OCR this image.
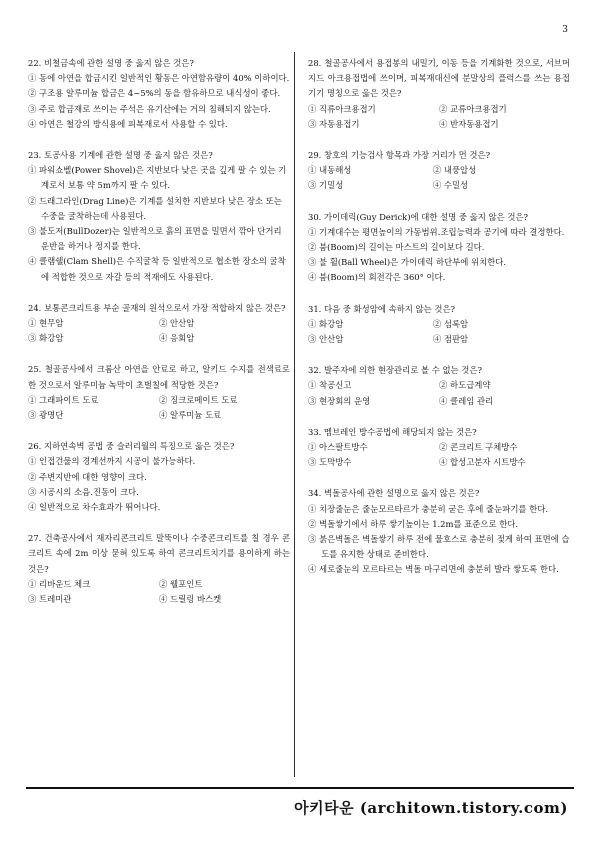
3
22. 비철금속에 관한 설명 중 옳지 않은 것은?
① 동에 아연을 합금시킨 일반적인 황동은 아연함유량이 40% 이하이다.
② 구조용 알루미늄 합금은 4~5%의 동을 함유하므로 내식성이 좋다.
③ 주로 합금재로 쓰이는 주석은 유기산에는 거의 침해되지 않는다.
④ 아연은 철강의 방식용에 피복재로서 사용할 수 있다.
23. 토공사용 기계에 관한 설명 중 옳지 않은 것은?
① 파워쇼벨(Power Shovel)은 지반보다 낮은 곳을 깊게 팔 수 있는 기계로서 보통 약 5m까지 팔 수 있다.
② 드래그라인(Drag Line)은 기계를 설치한 지반보다 낮은 장소 또는 수중을 굴착하는데 사용된다.
③ 불도저(BullDozer)는 일반적으로 흙의 표면을 밀면서 깎아 단거리 운반을 하거나 정지를 한다.
④ 클램쉘(Clam Shell)은 수직굴착 등 일반적으로 협소한 장소의 굴착에 적합한 것으로 자갈 등의 적재에도 사용된다.
24. 보통콘크리트용 부순 골재의 원석으로서 가장 적합하지 않은 것은?
① 현무암	② 안산암
③ 화강암	④ 응회암
25. 철골공사에서 크롬산 아연을 안료로 하고, 알키드 수지를 전색료로 한 것으로서 알루미늄 녹막이 초벌칠에 적당한 것은?
① 그래파이트 도료	② 징크로메이트 도료
③ 광명단	④ 알루미늄 도료
26. 지하연속벽 공법 중 슬러리월의 특징으로 옳은 것은?
① 인접건물의 경계선까지 시공이 불가능하다.
② 주변지반에 대한 영향이 크다.
③ 시공시의 소음․진동이 크다.
④ 일반적으로 차수효과가 뛰어나다.
27. 건축공사에서 재자리콘크리트 말뚝이나 수중콘크리트를 칠 경우 콘크리트 속에 2m 이상 묻혀 있도록 하여 콘크리트치기를 용이하게 하는 것은?
① 리바운드 체크	② 웰포인트
③ 트레미관	④ 드릴링 바스켓
28. 철골공사에서 용접봉의 내밀기, 이동 등을 기계화한 것으로, 서브머지드 아크용접법에 쓰이며, 피복재대신에 분말상의 플럭스를 쓰는 용접기기 명칭으로 옳은 것은?
① 직류아크용접기	② 교류아크용접기
③ 자동용접기	④ 반자동용접기
29. 창호의 기능검사 항목과 가장 거리가 먼 것은?
① 내동해성	② 내풍압성
③ 기밀성	④ 수밀성
30. 가이데릭(Guy Derick)에 대한 설명 중 옳지 않은 것은?
① 기계대수는 평면높이의 가동범위․조립능력과 공기에 따라 결정한다.
② 붐(Boom)의 길이는 마스트의 길이보다 길다.
③ 불 휠(Ball Wheel)은 가이데릭 하단부에 위치한다.
④ 붐(Boom)의 회전각은 360° 이다.
31. 다음 중 화성암에 속하지 않는 것은?
① 화강암	② 섬록암
③ 안산암	④ 점판암
32. 발주자에 의한 현장관리로 볼 수 없는 것은?
① 착공신고	② 하도급계약
③ 현장회의 운영	④ 클레임 관리
33. 멤브레인 방수공법에 해당되지 않는 것은?
① 아스팔트방수	② 콘크리트 구체방수
③ 도막방수	④ 합성고분자 시트방수
34. 벽돌공사에 관한 설명으로 옳지 않은 것은?
① 치장줄눈은 줄눈모르타르가 충분히 굳은 후에 줄눈파기를 한다.
② 벽돌쌓기에서 하루 쌓기높이는 1.2m를 표준으로 한다.
③ 붉은벽돌은 벽돌쌓기 하루 전에 물호스로 충분히 젖게 하여 표면에 습도를 유지한 상태로 준비한다.
④ 세로줄눈의 모르타르는 벽돌 마구리면에 충분히 발라 쌓도록 한다.
아키타운 (architown.tistory.com)
